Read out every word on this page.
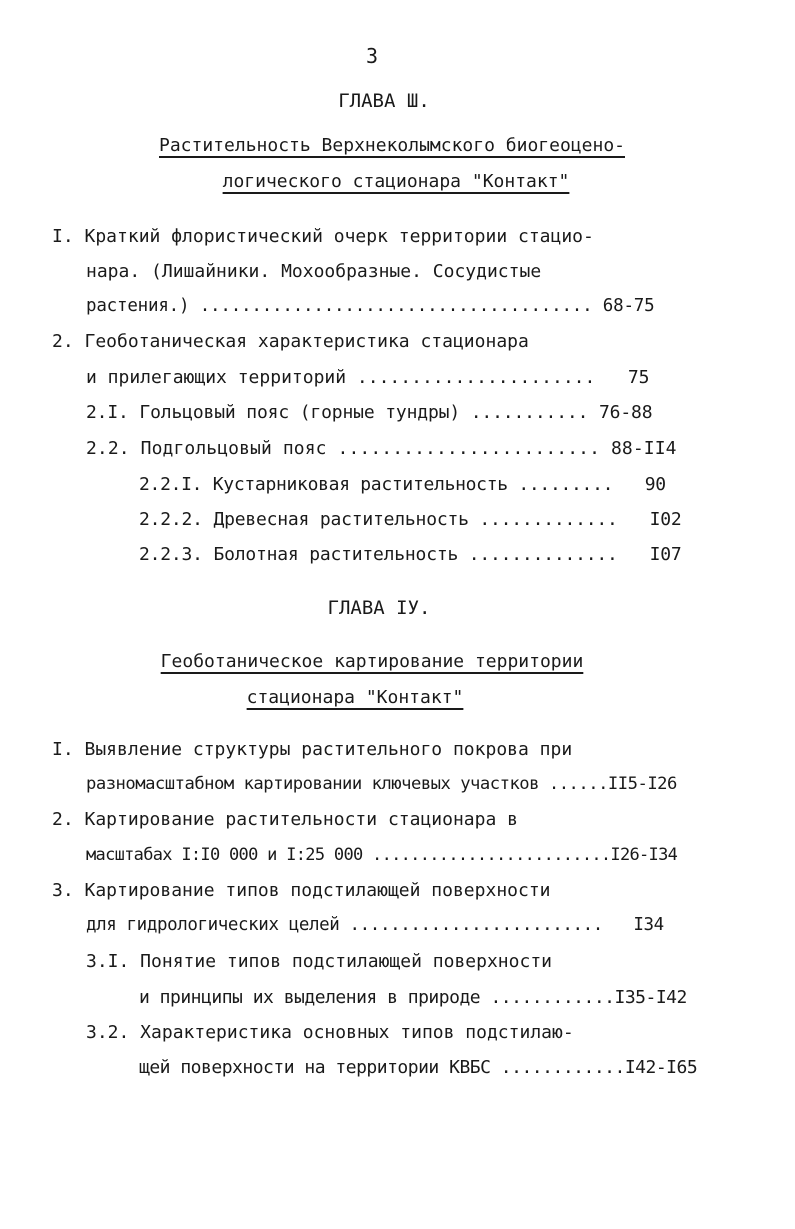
3
ГЛАВА Ш.
Растительность Верхнеколымского биогеоцено-
логического стационара "Контакт"
I. Краткий флористический очерк территории стацио-
нара. (Лишайники. Мохообразные. Сосудистые
растения.) ...................................... 68-75
2. Геоботаническая характеристика стационара
и прилегающих территорий ......................   75
2.I. Гольцовый пояс (горные тундры) ........... 76-88
2.2. Подгольцовый пояс ........................ 88-II4
2.2.I. Кустарниковая растительность .........   90
2.2.2. Древесная растительность .............   I02
2.2.3. Болотная растительность ..............   I07
ГЛАВА IУ.
Геоботаническое картирование территории
стационара "Контакт"
I. Выявление структуры растительного покрова при
разномасштабном картировании ключевых участков ......II5-I26
2. Картирование растительности стационара в
масштабах I:I0 000 и I:25 000 .........................I26-I34
3. Картирование типов подстилающей поверхности
для гидрологических целей .........................   I34
3.I. Понятие типов подстилающей поверхности
и принципы их выделения в природе ............I35-I42
3.2. Характеристика основных типов подстилаю-
щей поверхности на территории КВБС ............I42-I65
